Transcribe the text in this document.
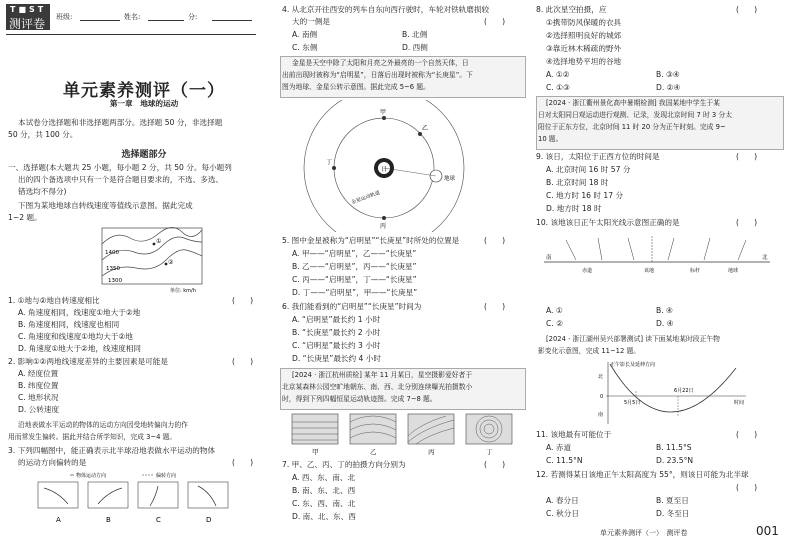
T■ST
测评卷 班级:	姓名:	分:
单元素养测评（一）
第一章　地球的运动
本试卷分选择题和非选择题两部分。选择题 50 分，非选择题
50 分，共 100 分。
选择题部分
一、选择题(本大题共 25 小题，每小题 2 分，共 50 分。每小题列
出的四个备选项中只有一个是符合题目要求的，不选、多选、
错选均不得分)
下图为某地地球自转线速度等值线示意图。据此完成
1~2 题。
1400
1350
1300
①
②
单位: km/h
1. ①地与②地自转速度相比	(　　)
A. 角速度相同，线速度①地大于②地
B. 角速度相同，线速度也相同
C. 角速度和线速度①地均大于②地
D. 角速度①地大于②地，线速度相同
2. 影响①②两地线速度差异的主要因素是可能是	(　　)
A. 经度位置
B. 纬度位置
C. 地形状况
D. 公转速度
沿地表做水平运动的物体的运动方向因受地转偏向力的作
用而常发生偏转。据此并结合所学知识，完成 3~4 题。
3. 下列四幅图中，能正确表示北半球沿地表做水平运动的物体
的运动方向偏转的是	(　　)
物体运动方向	偏转方向
A	B	C	D
4. 从北京开往西安的列车自东向西行驶时，车轮对铁轨磨损较
大的一侧是	(　　)
A. 南侧	B. 北侧
C. 东侧	D. 西侧
金星是天空中除了太阳和月亮之外最亮的一个自然天体，日
出前出现时被称为“启明星”，日落后出现时被称为“长庚星”。下
图为地球、金星公转示意图。据此完成 5~6 题。
日
丁
甲
乙
丙
地球
金星运动轨道
5. 图中金星被称为“启明星”“长庚星”时所处的位置是	(　　)
A. 甲——“启明星”，乙——“长庚星”
B. 乙——“启明星”，丙——“长庚星”
C. 丙——“启明星”，丁——“长庚星”
D. 丁——“启明星”，甲——“长庚星”
6. 我们能看到的“启明星”“长庚星”时间为	(　　)
A. “启明星”最长约 1 小时
B. “长庚星”最长约 2 小时
C. “启明星”最长约 3 小时
D. “长庚星”最长约 4 小时
[2024 · 浙江杭州质检] 某年 11 月某日，星空摄影爱好者于
北京某森林公园空旷地朝东、南、西、北分别连续曝光拍摄数小
时，得到下列四幅恒星运动轨迹图。完成 7~8 题。
甲	乙	丙	丁
7. 甲、乙、丙、丁的拍摄方向分别为	(　　)
A. 西、东、南、北
B. 南、东、北、西
C. 东、西、南、北
D. 南、北、东、西
8. 此次星空拍摄，应	(　　)
①携带防风保暖的衣具
②选择照明良好的城郊
③靠近林木稀疏的野外
④选择地势平坦的谷地
A. ①②	B. ③④
C. ①③	D. ②④
[2024 · 浙江衢州景化高中暑期检测] 我国某地中学生于某
日对太阳同日观运动进行观测、记录，发现北京时间 7 时 3 分太
阳位于正东方位，北京时间 11 时 20 分为正午时刻。完成 9~
10 题。
9. 该日，太阳位于正西方位的时间是	(　　)
A. 北京时间 16 时 57 分
B. 北京时间 18 时
C. 地方时 16 时 17 分
D. 地方时 18 时
10. 该地该日正午太阳光线示意图正确的是	(　　)
南	北
赤道	该地	标杆	地球
A. ①	B. ④
C. ②	D. ④
[2024 · 浙江湖州吴兴部署测试] 读下面某地某时段正午物
影变化示意图，完成 11~12 题。
正午影长及延伸方向
时间
0
北
南
6月22日
5月5日
11. 该地最有可能位于	(　　)
A. 赤道	B. 11.5°S
C. 11.5°N	D. 23.5°N
12. 若测得某日该地正午太阳高度为 55°，则该日可能为北半球
(　　)
A. 春分日	B. 夏至日
C. 秋分日	D. 冬至日
单元素养测评（一）　测评卷	001
